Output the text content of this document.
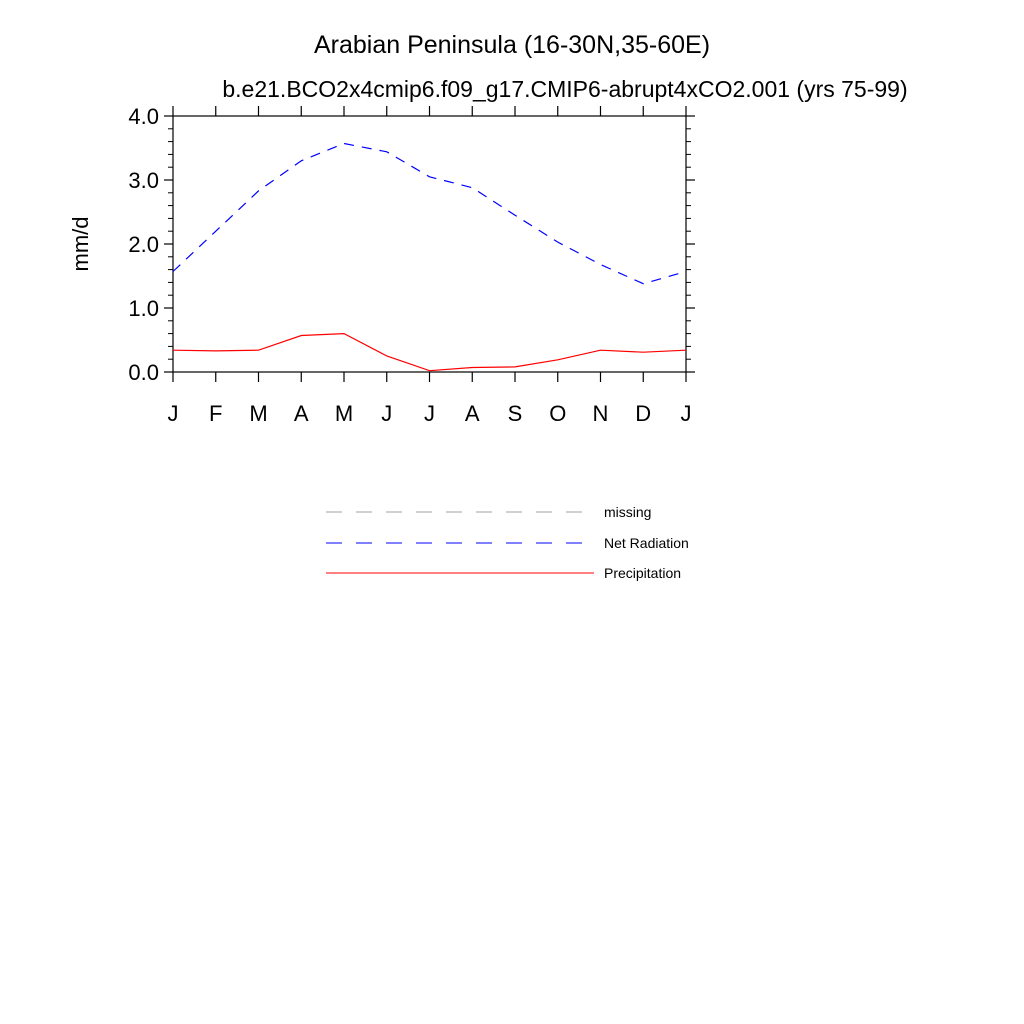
Arabian Peninsula (16-30N,35-60E)
b.e21.BCO2x4cmip6.f09_g17.CMIP6-abrupt4xCO2.001 (yrs 75-99)
mm/d
0.0
1.0
2.0
3.0
4.0
J F M A M J J A S O N D J
missing
Net Radiation
Precipitation
